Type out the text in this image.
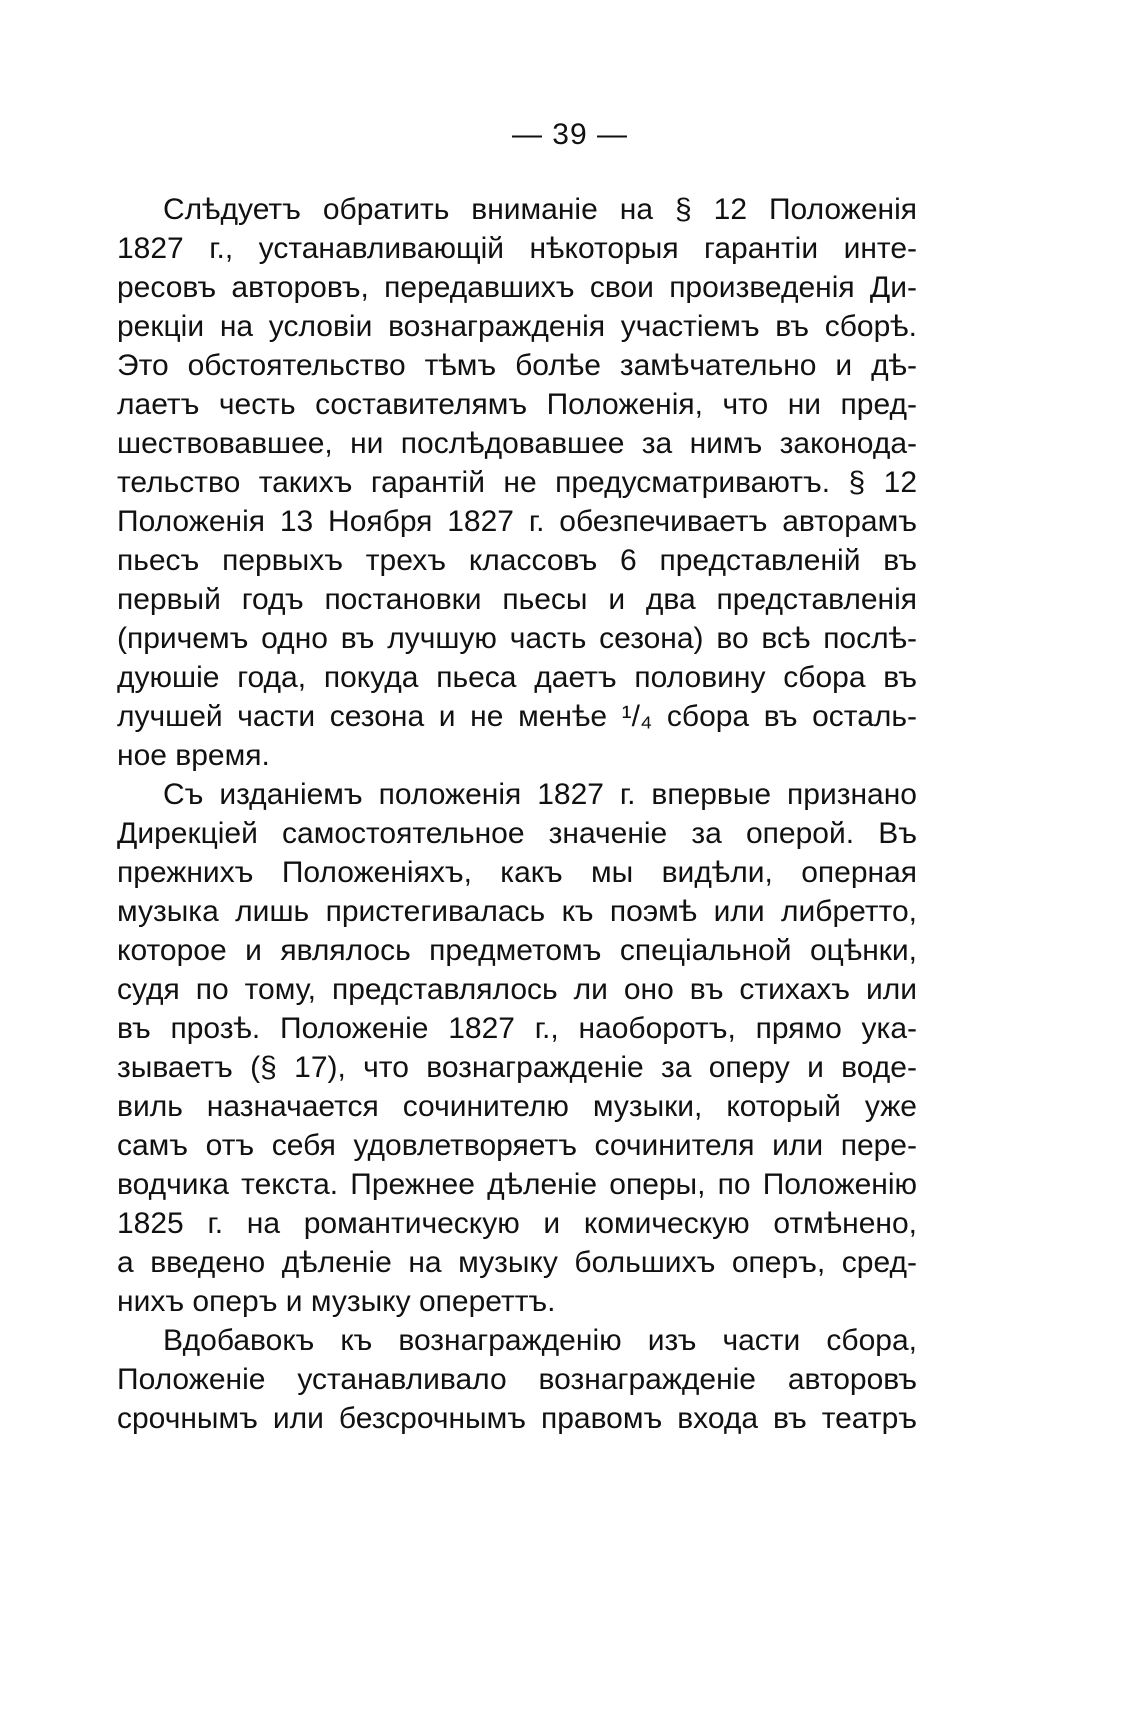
— 39 —
Слѣдуетъ обратить вниманіе на § 12 Положенія
1827 г., устанавливающій нѣкоторыя гарантіи инте-
ресовъ авторовъ, передавшихъ свои произведенія Ди-
рекціи на условіи вознагражденія участіемъ въ сборѣ.
Это обстоятельство тѣмъ болѣе замѣчательно и дѣ-
лаетъ честь составителямъ Положенія, что ни пред-
шествовавшее, ни послѣдовавшее за нимъ законода-
тельство такихъ гарантій не предусматриваютъ. § 12
Положенія 13 Ноября 1827 г. обезпечиваетъ авторамъ
пьесъ первыхъ трехъ классовъ 6 представленій въ
первый годъ постановки пьесы и два представленія
(причемъ одно въ лучшую часть сезона) во всѣ послѣ-
дуюшіе года, покуда пьеса даетъ половину сбора въ
лучшей части сезона и не менѣе ¹/₄ сбора въ осталь-
ное время.
Съ изданіемъ положенія 1827 г. впервые признано
Дирекціей самостоятельное значеніе за оперой. Въ
прежнихъ Положеніяхъ, какъ мы видѣли, оперная
музыка лишь пристегивалась къ поэмѣ или либретто,
которое и являлось предметомъ спеціальной оцѣнки,
судя по тому, представлялось ли оно въ стихахъ или
въ прозѣ. Положеніе 1827 г., наоборотъ, прямо ука-
зываетъ (§ 17), что вознагражденіе за оперу и воде-
виль назначается сочинителю музыки, который уже
самъ отъ себя удовлетворяетъ сочинителя или пере-
водчика текста. Прежнее дѣленіе оперы, по Положенію
1825 г. на романтическую и комическую отмѣнено,
а введено дѣленіе на музыку большихъ оперъ, сред-
нихъ оперъ и музыку опереттъ.
Вдобавокъ къ вознагражденію изъ части сбора,
Положеніе устанавливало вознагражденіе авторовъ
срочнымъ или безсрочнымъ правомъ входа въ театръ
